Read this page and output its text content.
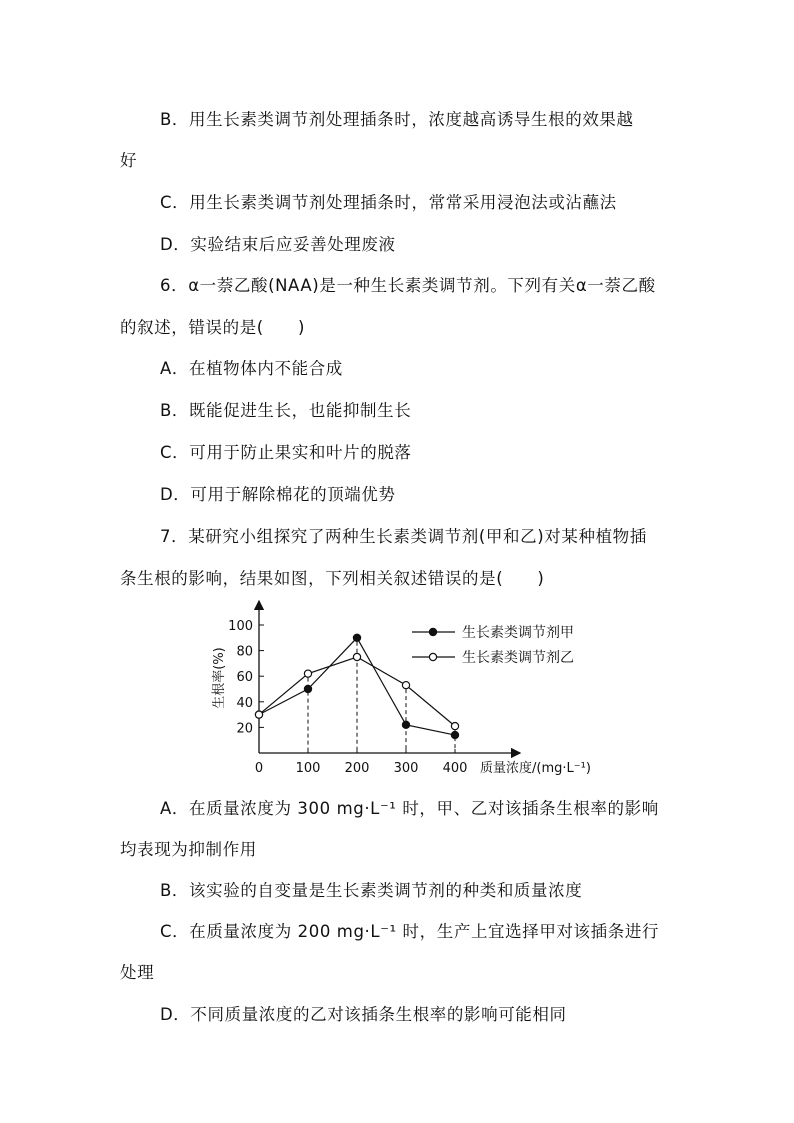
B．用生长素类调节剂处理插条时，浓度越高诱导生根的效果越
好
C．用生长素类调节剂处理插条时，常常采用浸泡法或沾蘸法
D．实验结束后应妥善处理废液
6．α一萘乙酸(NAA)是一种生长素类调节剂。下列有关α一萘乙酸
的叙述，错误的是(　　)
A．在植物体内不能合成
B．既能促进生长，也能抑制生长
C．可用于防止果实和叶片的脱落
D．可用于解除棉花的顶端优势
7．某研究小组探究了两种生长素类调节剂(甲和乙)对某种植物插
条生根的影响，结果如图，下列相关叙述错误的是(　　)
20
40
60
80
100
0 100 200 300 400 质量浓度/(mg·L⁻¹)
生根率(%)
生长素类调节剂甲
生长素类调节剂乙
A．在质量浓度为 300 mg·L⁻¹ 时，甲、乙对该插条生根率的影响
均表现为抑制作用
B．该实验的自变量是生长素类调节剂的种类和质量浓度
C．在质量浓度为 200 mg·L⁻¹ 时，生产上宜选择甲对该插条进行
处理
D．不同质量浓度的乙对该插条生根率的影响可能相同
